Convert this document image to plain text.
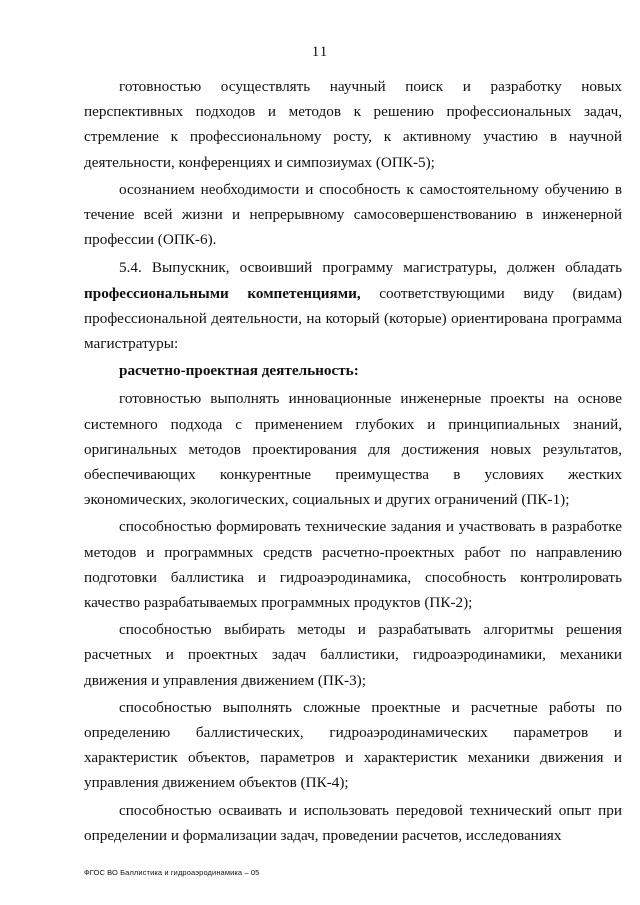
11

готовностью осуществлять научный поиск и разработку новых перспективных подходов и методов к решению профессиональных задач, стремление к профессиональному росту, к активному участию в научной деятельности, конференциях и симпозиумах (ОПК-5);

осознанием необходимости и способность к самостоятельному обучению в течение всей жизни и непрерывному самосовершенствованию в инженерной профессии (ОПК-6).

5.4. Выпускник, освоивший программу магистратуры, должен обладать профессиональными компетенциями, соответствующими виду (видам) профессиональной деятельности, на который (которые) ориентирована программа магистратуры:

расчетно-проектная деятельность:

готовностью выполнять инновационные инженерные проекты на основе системного подхода с применением глубоких и принципиальных знаний, оригинальных методов проектирования для достижения новых результатов, обеспечивающих конкурентные преимущества в условиях жестких экономических, экологических, социальных и других ограничений (ПК-1);

способностью формировать технические задания и участвовать в разработке методов и программных средств расчетно-проектных работ по направлению подготовки баллистика и гидроаэродинамика, способность контролировать качество разрабатываемых программных продуктов (ПК-2);

способностью выбирать методы и разрабатывать алгоритмы решения расчетных и проектных задач баллистики, гидроаэродинамики, механики движения и управления движением (ПК-3);

способностью выполнять сложные проектные и расчетные работы по определению баллистических, гидроаэродинамических параметров и характеристик объектов, параметров и характеристик механики движения и управления движением объектов (ПК-4);

способностью осваивать и использовать передовой технический опыт при определении и формализации задач, проведении расчетов, исследованиях

ФГОС ВО Баллистика и гидроаэродинамика – 05
